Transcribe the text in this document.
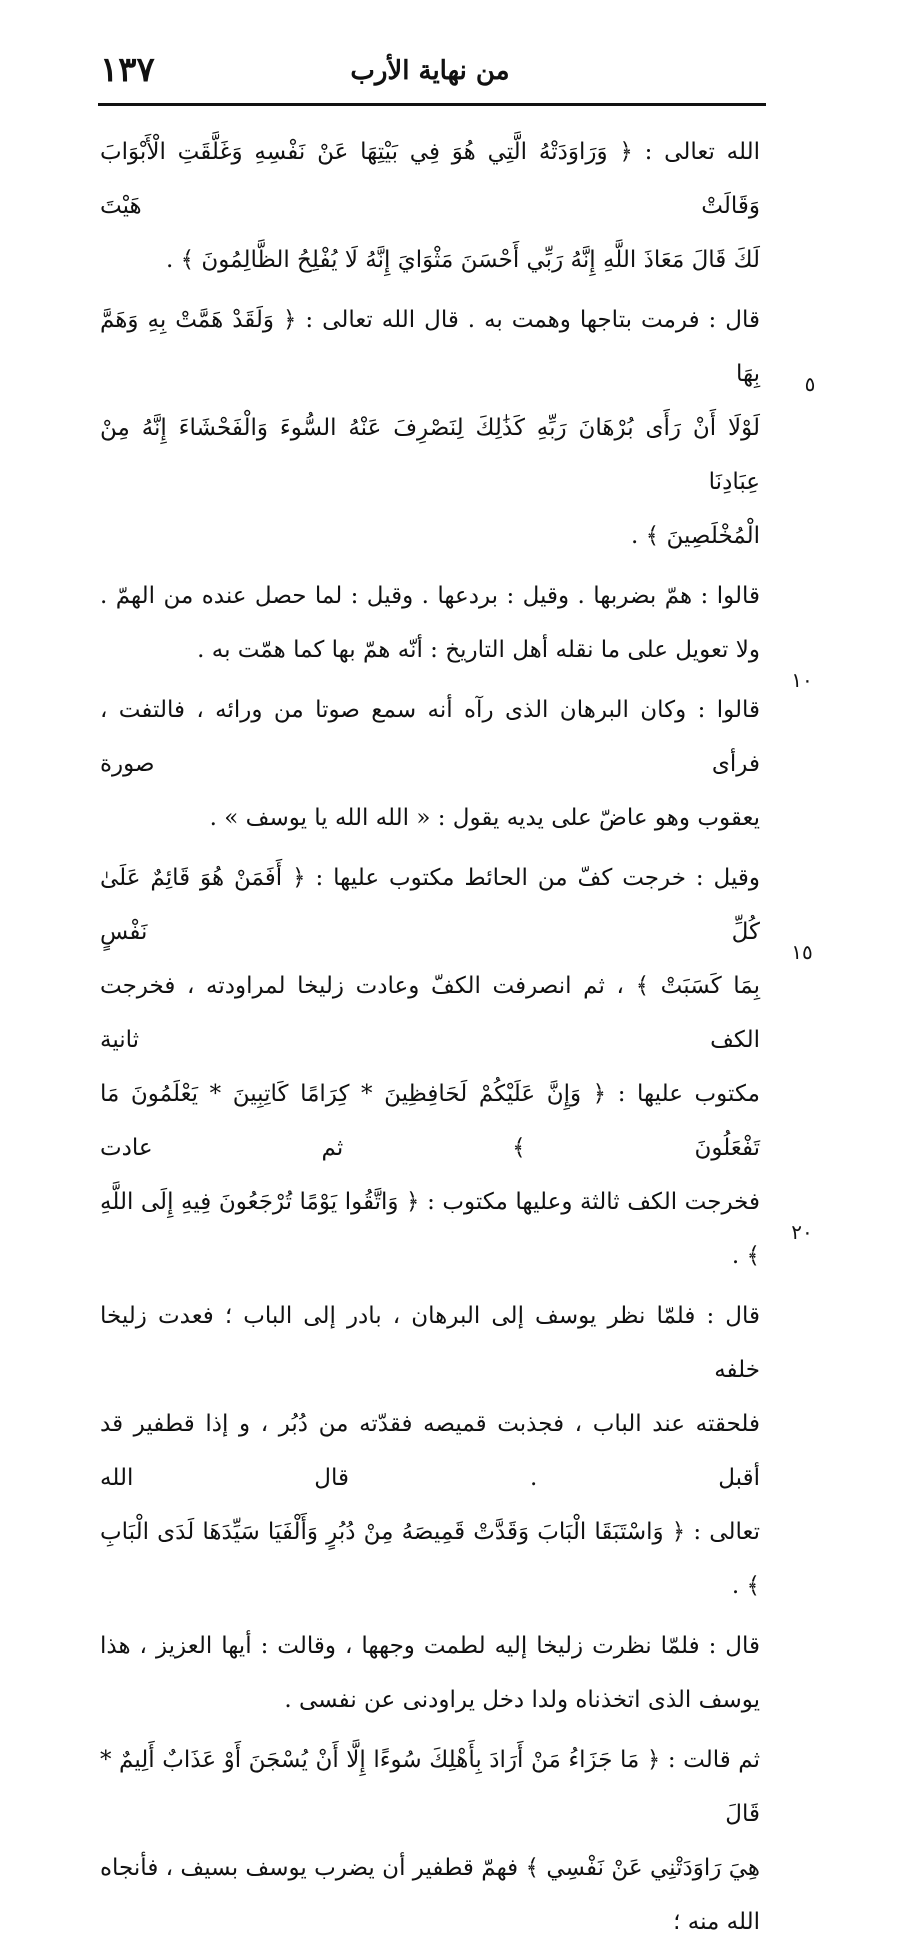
١٣٧	من نهاية الأرب
الله تعالى : ﴿ وَرَاوَدَتْهُ الَّتِي هُوَ فِي بَيْتِهَا عَنْ نَفْسِهِ وَغَلَّقَتِ الْأَبْوَابَ وَقَالَتْ هَيْتَ
لَكَ قَالَ مَعَاذَ اللَّهِ إِنَّهُ رَبِّي أَحْسَنَ مَثْوَايَ إِنَّهُ لَا يُفْلِحُ الظَّالِمُونَ ﴾ .
قال : فرمت بتاجها وهمت به . قال الله تعالى : ﴿ وَلَقَدْ هَمَّتْ بِهِ وَهَمَّ بِهَا
لَوْلَا أَنْ رَأَى بُرْهَانَ رَبِّهِ كَذَٰلِكَ لِنَصْرِفَ عَنْهُ السُّوءَ وَالْفَحْشَاءَ إِنَّهُ مِنْ عِبَادِنَا
الْمُخْلَصِينَ ﴾ .
قالوا : همّ بضربها . وقيل : بردعها . وقيل : لما حصل عنده من الهمّ .
ولا تعويل على ما نقله أهل التاريخ : أنّه همّ بها كما همّت به .
قالوا : وكان البرهان الذى رآه أنه سمع صوتا من ورائه ، فالتفت ، فرأى صورة
يعقوب وهو عاضّ على يديه يقول : « الله الله يا يوسف » .
وقيل : خرجت كفّ من الحائط مكتوب عليها : ﴿ أَفَمَنْ هُوَ قَائِمٌ عَلَىٰ كُلِّ نَفْسٍ
بِمَا كَسَبَتْ ﴾ ، ثم انصرفت الكفّ وعادت زليخا لمراودته ، فخرجت الكف ثانية
مكتوب عليها : ﴿ وَإِنَّ عَلَيْكُمْ لَحَافِظِينَ * كِرَامًا كَاتِبِينَ * يَعْلَمُونَ مَا تَفْعَلُونَ ﴾ ثم عادت
فخرجت الكف ثالثة وعليها مكتوب : ﴿ وَاتَّقُوا يَوْمًا تُرْجَعُونَ فِيهِ إِلَى اللَّهِ ﴾ .
قال : فلمّا نظر يوسف إلى البرهان ، بادر إلى الباب ؛ فعدت زليخا خلفه
فلحقته عند الباب ، فجذبت قميصه فقدّته من دُبُر ، و إذا قطفير قد أقبل . قال الله
تعالى : ﴿ وَاسْتَبَقَا الْبَابَ وَقَدَّتْ قَمِيصَهُ مِنْ دُبُرٍ وَأَلْفَيَا سَيِّدَهَا لَدَى الْبَابِ ﴾ .
قال : فلمّا نظرت زليخا إليه لطمت وجهها ، وقالت : أيها العزيز ، هذا
يوسف الذى اتخذناه ولدا دخل يراودنى عن نفسى .
ثم قالت : ﴿ مَا جَزَاءُ مَنْ أَرَادَ بِأَهْلِكَ سُوءًا إِلَّا أَنْ يُسْجَنَ أَوْ عَذَابٌ أَلِيمٌ * قَالَ
هِيَ رَاوَدَتْنِي عَنْ نَفْسِي ﴾ فهمّ قطفير أن يضرب يوسف بسيف ، فأنجاه الله منه ؛
٥
١٠
١٥
٢٠
